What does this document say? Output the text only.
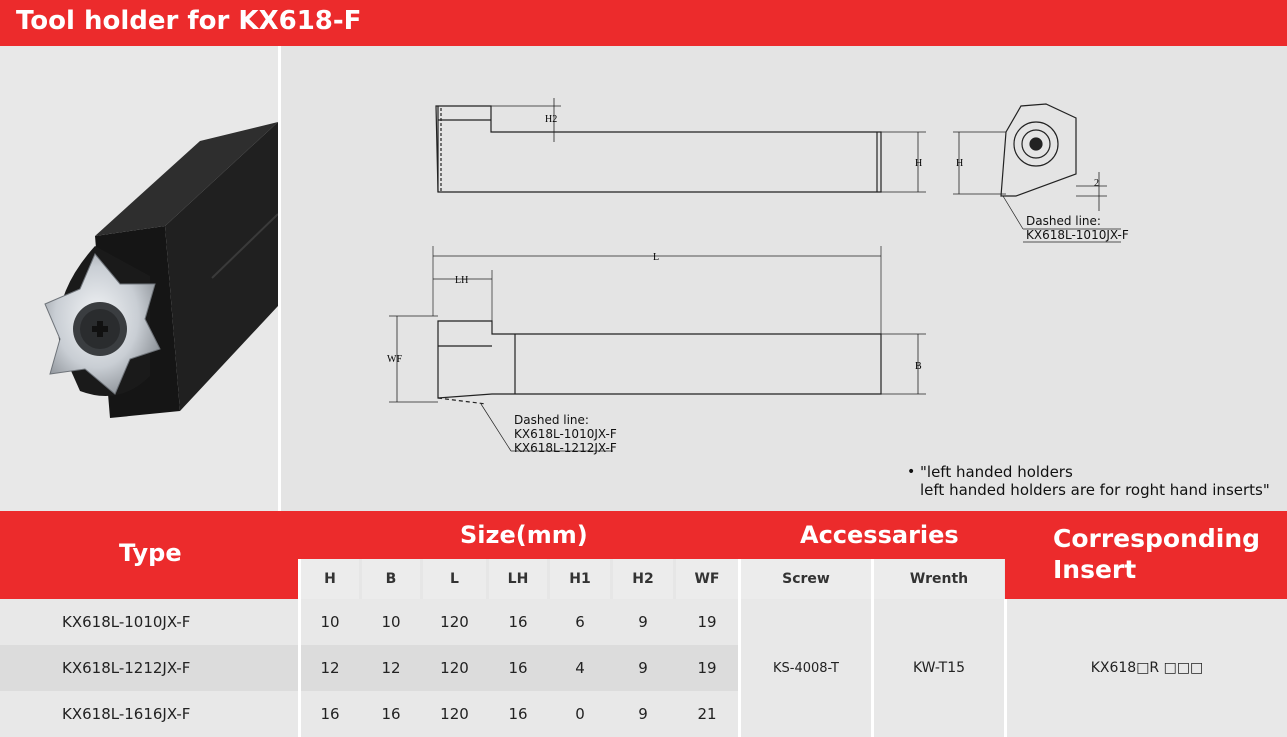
Tool holder for KX618-F
H2
H	H
2
L
LH
WF
B
Dashed line:
KX618L-1010JX-F
Dashed line:
KX618L-1010JX-F
KX618L-1212JX-F
• "left handed holders
left handed holders are for roght hand inserts"
Type
Size(mm)	Accessaries	Corresponding
Insert
H	B	L	LH	H1	H2	WF	Screw	Wrenth
KX618L-1010JX-F	10	10	120	16	6	9	19
KX618L-1212JX-F	12	12	120	16	4	9	19
KX618L-1616JX-F	16	16	120	16	0	9	21
KS-4008-T	KW-T15	KX618□R □□□
